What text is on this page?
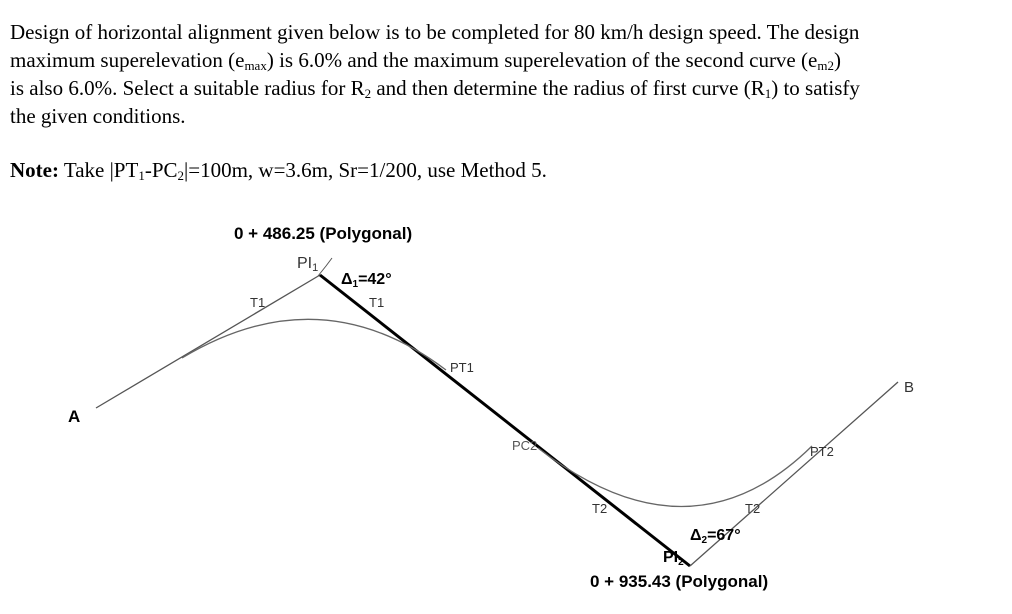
Design of horizontal alignment given below is to be completed for 80 km/h design speed. The design

maximum superelevation $(e_{max})$ is 6.0% and the maximum superelevation of the second curve $(e_{m2})$

is also 6.0%. Select a suitable radius for $R_2$ and then determine the radius of first curve $(R_1)$ to satisfy

the given conditions.

Note: Take $|PT_1-PC_2|=100m$, w=3.6m, Sr=1/200, use Method 5.
0 + 486.25 (Polygonal)
PI1
Δ1=42°
T1	T1
PT1
A
B
PC2	PT2
T2	T2
Δ2=67°
PI2
0 + 935.43 (Polygonal)
